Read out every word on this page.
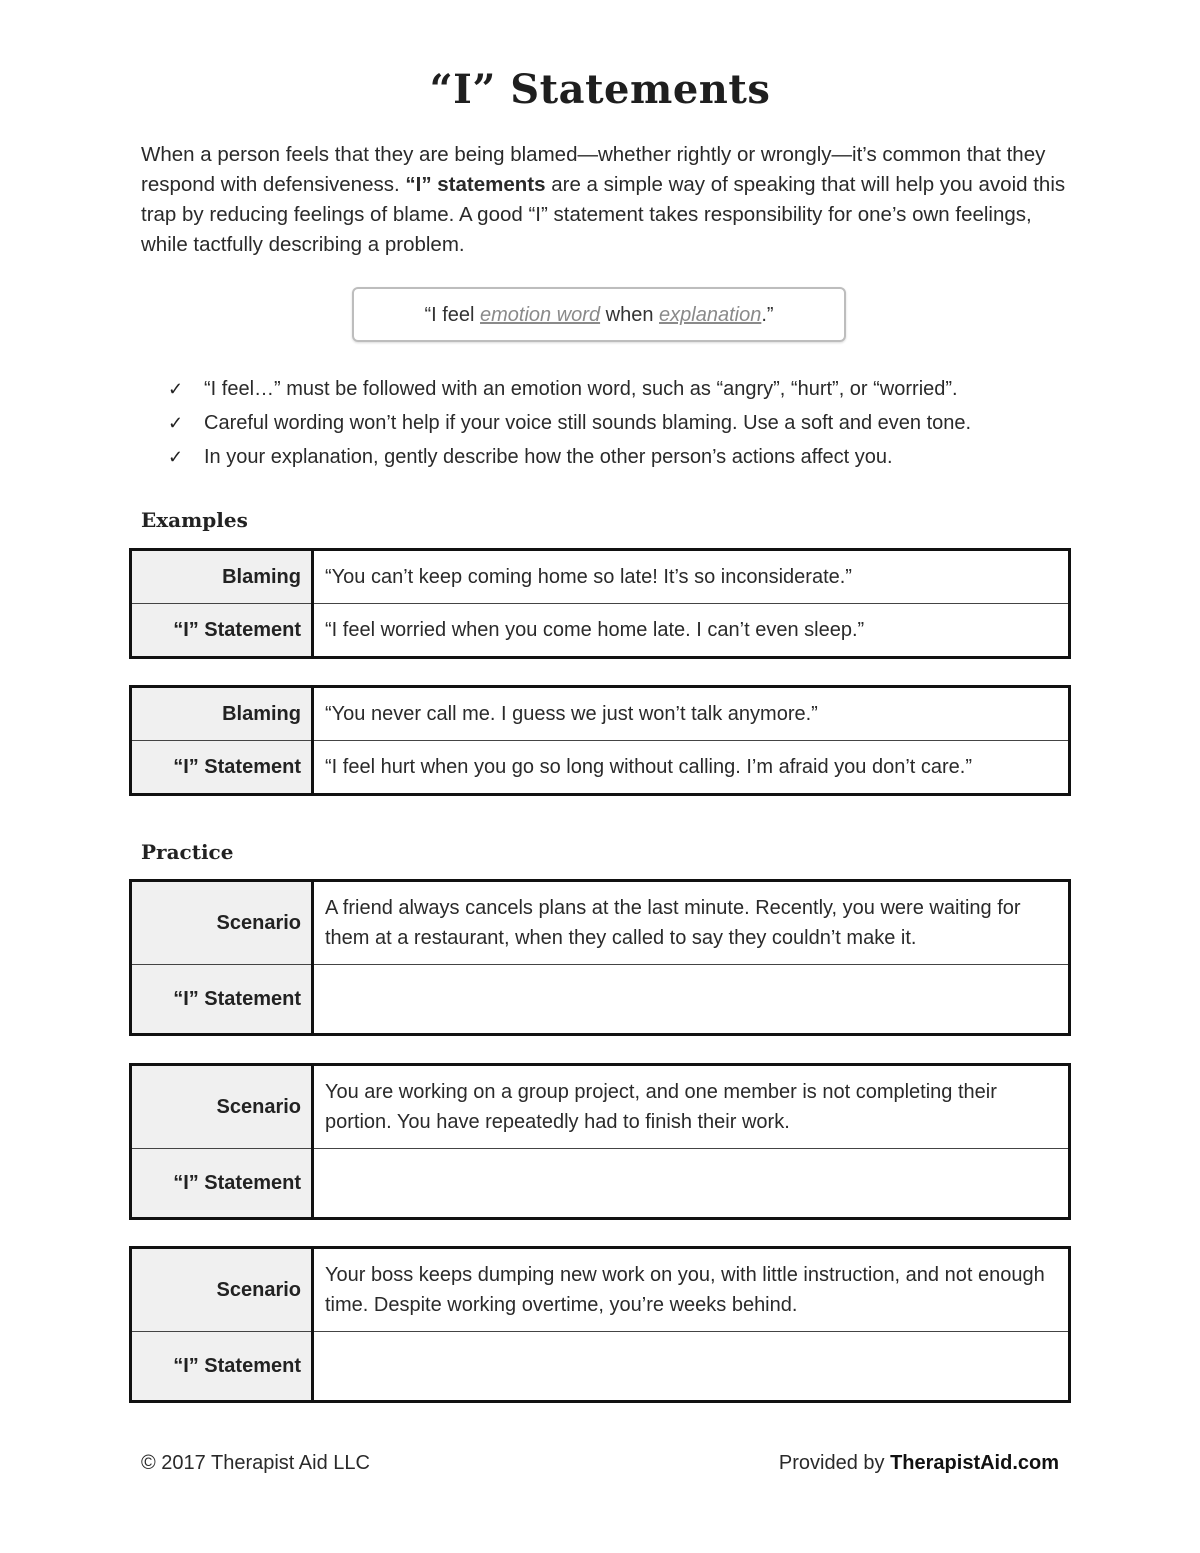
“I” Statements
When a person feels that they are being blamed—whether rightly or wrongly—it’s common that they respond with defensiveness. “I” statements are a simple way of speaking that will help you avoid this trap by reducing feelings of blame. A good “I” statement takes responsibility for one’s own feelings, while tactfully describing a problem.
“I feel emotion word when explanation.”
✓	“I feel…” must be followed with an emotion word, such as “angry”, “hurt”, or “worried”.
✓	Careful wording won’t help if your voice still sounds blaming. Use a soft and even tone.
✓	In your explanation, gently describe how the other person’s actions affect you.
Examples
Blaming	“You can’t keep coming home so late! It’s so inconsiderate.”
“I” Statement	“I feel worried when you come home late. I can’t even sleep.”
Blaming	“You never call me. I guess we just won’t talk anymore.”
“I” Statement	“I feel hurt when you go so long without calling. I’m afraid you don’t care.”
Practice
Scenario	A friend always cancels plans at the last minute. Recently, you were waiting for them at a restaurant, when they called to say they couldn’t make it.
“I” Statement	
Scenario	You are working on a group project, and one member is not completing their portion. You have repeatedly had to finish their work.
“I” Statement	
Scenario	Your boss keeps dumping new work on you, with little instruction, and not enough time. Despite working overtime, you’re weeks behind.
“I” Statement	
© 2017 Therapist Aid LLC	Provided by TherapistAid.com
